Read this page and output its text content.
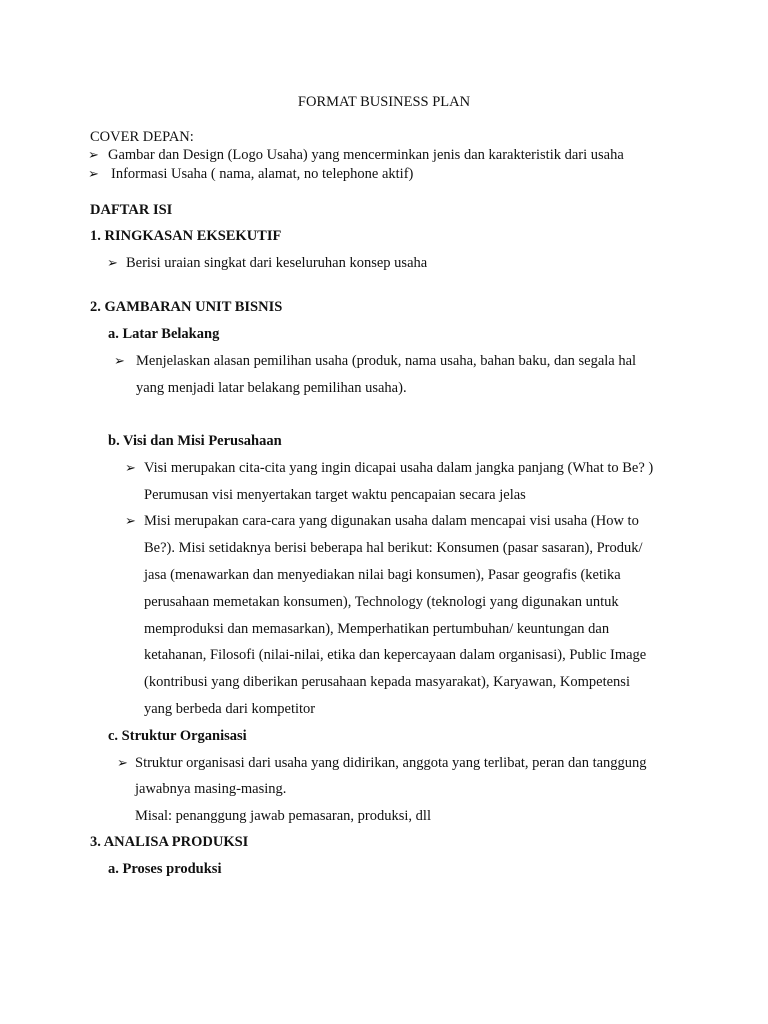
FORMAT BUSINESS PLAN
COVER DEPAN:
➢ Gambar dan Design (Logo Usaha) yang mencerminkan jenis dan karakteristik dari usaha
➢ Informasi Usaha ( nama, alamat, no telephone aktif)
DAFTAR ISI
1. RINGKASAN EKSEKUTIF
➢ Berisi uraian singkat dari keseluruhan konsep usaha
2. GAMBARAN UNIT BISNIS
a. Latar Belakang
➢ Menjelaskan alasan pemilihan usaha (produk, nama usaha, bahan baku, dan segala hal
yang menjadi latar belakang pemilihan usaha).
b. Visi dan Misi Perusahaan
➢ Visi merupakan cita-cita yang ingin dicapai usaha dalam jangka panjang (What to Be? )
Perumusan visi menyertakan target waktu pencapaian secara jelas
➢ Misi merupakan cara-cara yang digunakan usaha dalam mencapai visi usaha (How to
Be?). Misi setidaknya berisi beberapa hal berikut: Konsumen (pasar sasaran), Produk/
jasa (menawarkan dan menyediakan nilai bagi konsumen), Pasar geografis (ketika
perusahaan memetakan konsumen), Technology (teknologi yang digunakan untuk
memproduksi dan memasarkan), Memperhatikan pertumbuhan/ keuntungan dan
ketahanan, Filosofi (nilai-nilai, etika dan kepercayaan dalam organisasi), Public Image
(kontribusi yang diberikan perusahaan kepada masyarakat), Karyawan, Kompetensi
yang berbeda dari kompetitor
c. Struktur Organisasi
➢ Struktur organisasi dari usaha yang didirikan, anggota yang terlibat, peran dan tanggung
jawabnya masing-masing.
Misal: penanggung jawab pemasaran, produksi, dll
3. ANALISA PRODUKSI
a. Proses produksi
